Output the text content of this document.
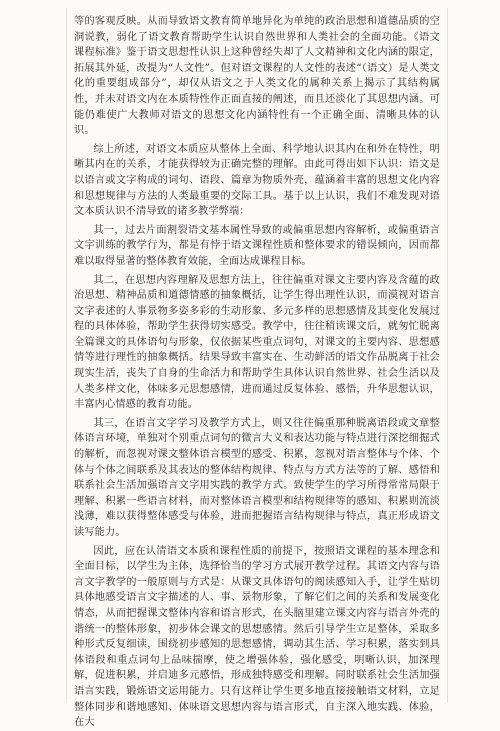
等的客观反映。从而导致语文教育简单地异化为单纯的政治思想和道德品质的空洞说教，弱化了语文教育帮助学生认识自然世界和人类社会的全面功能。《语文课程标准》鉴于语文思想性认识上这种曾经失却了人文精神和文化内涵的限定，拓展其外延，改提为“人文性”。但对语文课程的人文性的表述“（语文）是人类文化的重要组成部分”，却仅从语文之于人类文化的属种关系上揭示了其结构属性，并未对语文内在本质特性作正面直接的阐述，而且还淡化了其思想内涵。可能仍难使广大教师对语文的思想文化内涵特性有一个正确全面、清晰具体的认识。

综上所述，对语文本质应从整体上全面、科学地认识其内在和外在特性，明晰其内在的关系，才能获得较为正确完整的理解。由此可得出如下认识：语文是以语言或文字构成的词句、语段、篇章为物质外壳，蕴涵着丰富的思想文化内容和思想规律与方法的人类最重要的交际工具。基于以上认识，我们不难发现对语文本质认识不清导致的诸多教学弊端：

其一，过去片面割裂语文基本属性导致的或偏重思想内容解析，或偏重语言文字训练的教学行为，都是有悖于语文课程性质和整体要求的错误倾向，因而都难以取得显著的整体教育效能，全面达成课程目标。

其二，在思想内容理解及思想方法上，往往偏重对课文主要内容及含蕴的政治思想、精神品质和道德情感的抽象概括，让学生得出理性认识，而漠视对语言文字表述的人事景物多姿多彩的生动形象、多元多样的思想感情及其变化发展过程的具体体验，帮助学生获得切实感受。教学中，往往稍读课文后，就匆忙脱离全篇课文的具体语句与形象，仅依据某些重点词句，对课文的主要内容、思想感情等进行理性的抽象概括。结果导致丰富实在、生动鲜活的语文作品脱离于社会现实生活，丧失了自身的生命活力和帮助学生具体认识自然世界、社会生活以及人类多样文化，体味多元思想感情，进而通过反复体验、感悟，升华思想认识，丰富内心情感的教育功能。

其三，在语言文字学习及教学方式上，则又往往偏重那种脱离语段或文章整体语言环境，单独对个别重点词句的微言大义和表达功能与特点进行深挖细掘式的解析，而忽视对课文整体语言模型的感受、积累，忽视对语言整体与个体、个体与个体之间联系及其表达的整体结构规律、特点与方式方法等的了解、感悟和联系社会生活加强语言文字用实践的教学方式。致使学生的学习所得常常局限于理解、积累一些语言材料，而对整体语言模型和结构规律等的感知、积累则流淡浅薄，难以获得整体感受与体验，进而把握语言结构规律与特点，真正形成语文读写能力。

因此，应在认清语文本质和课程性质的前提下，按照语文课程的基本理念和全面目标，以学生为主体，选择恰当的学习方式展开教学过程。其语文内容与语言文字教学的一般原则与方式是：从课文具体语句的阅读感知入手，让学生贴切具体地感受语言文字描述的人、事、景物形象，了解它们之间的关系和发展变化情态，从而把握课文整体内容和语言形式，在头脑里建立课文内容与语言外壳的谐统一的整体形象，初步体会课文的思想感情。然后引导学生立足整体，采取多种形式反复细读，围绕初步感知的思想感情，调动其生活、学习积累，落实到具体语段和重点词句上品味揣摩，使之增强体验，强化感受，明晰认识，加深理解，促进积累，并启迪多元感悟，形成独特感受和理解。同时联系社会生活加强语言实践，锻炼语文运用能力。只有这样让学生更多地直接接触语文材料，立足整体同步和谐地感知、体味语文思想内容与语言形式，自主深入地实践、体验，在大
